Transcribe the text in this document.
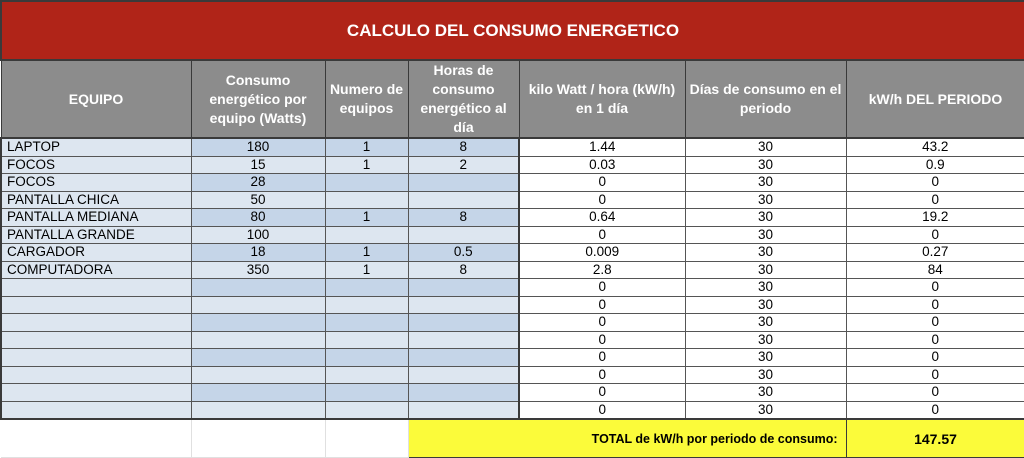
CALCULO DEL CONSUMO ENERGETICO						
EQUIPO	Consumo energético por equipo (Watts)	Numero de equipos	Horas de consumo energético al día	kilo Watt / hora (kW/h) en 1 día	Días de consumo en el periodo	kW/h DEL PERIODO
LAPTOP	180	1	8	1.44	30	43.2
FOCOS	15	1	2	0.03	30	0.9
FOCOS	28			0	30	0
PANTALLA CHICA	50			0	30	0
PANTALLA MEDIANA	80	1	8	0.64	30	19.2
PANTALLA GRANDE	100			0	30	0
CARGADOR	18	1	0.5	0.009	30	0.27
COMPUTADORA	350	1	8	2.8	30	84
				0	30	0
				0	30	0
				0	30	0
				0	30	0
				0	30	0
				0	30	0
				0	30	0
				0	30	0
			TOTAL de kW/h por periodo de consumo:			147.57
